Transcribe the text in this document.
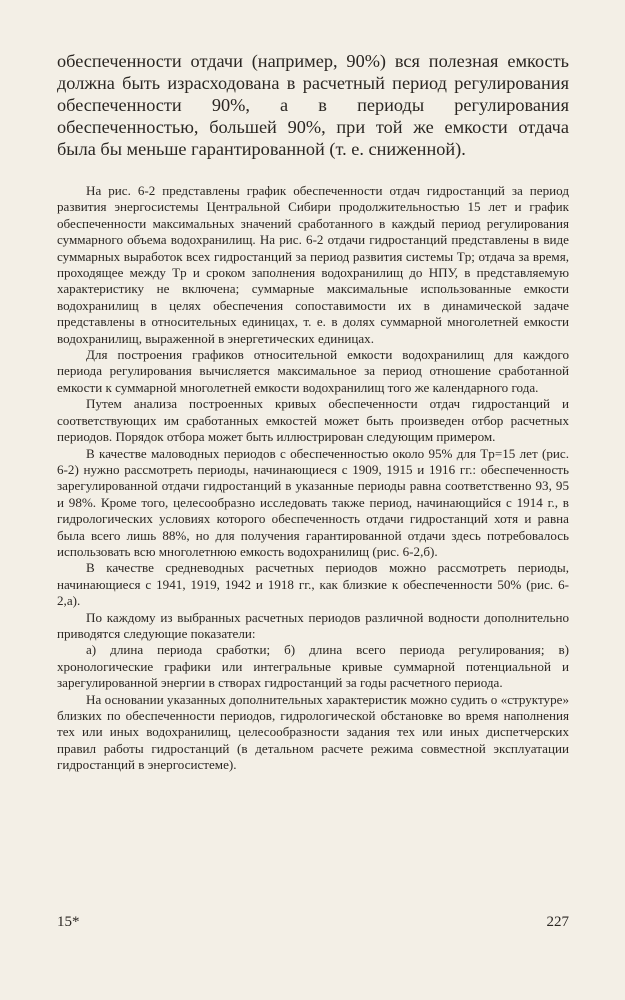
обеспеченности отдачи (например, 90%) вся полезная емкость должна быть израсходована в расчетный период регулирования обеспеченности 90%, а в периоды регулирования обеспеченностью, большей 90%, при той же емкости отдача была бы меньше гарантированной (т. е. сниженной).

На рис. 6-2 представлены график обеспеченности отдач гидростанций за период развития энергосистемы Центральной Сибири продолжительностью 15 лет и график обеспеченности максимальных значений сработанного в каждый период регулирования суммарного объема водохранилищ. На рис. 6-2 отдачи гидростанций представлены в виде суммарных выработок всех гидростанций за период развития системы Tр; отдача за время, проходящее между Tр и сроком заполнения водохранилищ до НПУ, в представляемую характеристику не включена; суммарные максимальные использованные емкости водохранилищ в целях обеспечения сопоставимости их в динамической задаче представлены в относительных единицах, т. е. в долях суммарной многолетней емкости водохранилищ, выраженной в энергетических единицах.

Для построения графиков относительной емкости водохранилищ для каждого периода регулирования вычисляется максимальное за период отношение сработанной емкости к суммарной многолетней емкости водохранилищ того же календарного года.

Путем анализа построенных кривых обеспеченности отдач гидростанций и соответствующих им сработанных емкостей может быть произведен отбор расчетных периодов. Порядок отбора может быть иллюстрирован следующим примером.

В качестве маловодных периодов с обеспеченностью около 95% для Tр=15 лет (рис. 6-2) нужно рассмотреть периоды, начинающиеся с 1909, 1915 и 1916 гг.: обеспеченность зарегулированной отдачи гидростанций в указанные периоды равна соответственно 93, 95 и 98%. Кроме того, целесообразно исследовать также период, начинающийся с 1914 г., в гидрологических условиях которого обеспеченность отдачи гидростанций хотя и равна была всего лишь 88%, но для получения гарантированной отдачи здесь потребовалось использовать всю многолетнюю емкость водохранилищ (рис. 6-2,б).

В качестве средневодных расчетных периодов можно рассмотреть периоды, начинающиеся с 1941, 1919, 1942 и 1918 гг., как близкие к обеспеченности 50% (рис. 6-2,а).

По каждому из выбранных расчетных периодов различной водности дополнительно приводятся следующие показатели:

а) длина периода сработки; б) длина всего периода регулирования; в) хронологические графики или интегральные кривые суммарной потенциальной и зарегулированной энергии в створах гидростанций за годы расчетного периода.

На основании указанных дополнительных характеристик можно судить о «структуре» близких по обеспеченности периодов, гидрологической обстановке во время наполнения тех или иных водохранилищ, целесообразности задания тех или иных диспетчерских правил работы гидростанций (в детальном расчете режима совместной эксплуатации гидростанций в энергосистеме).

15*	227
